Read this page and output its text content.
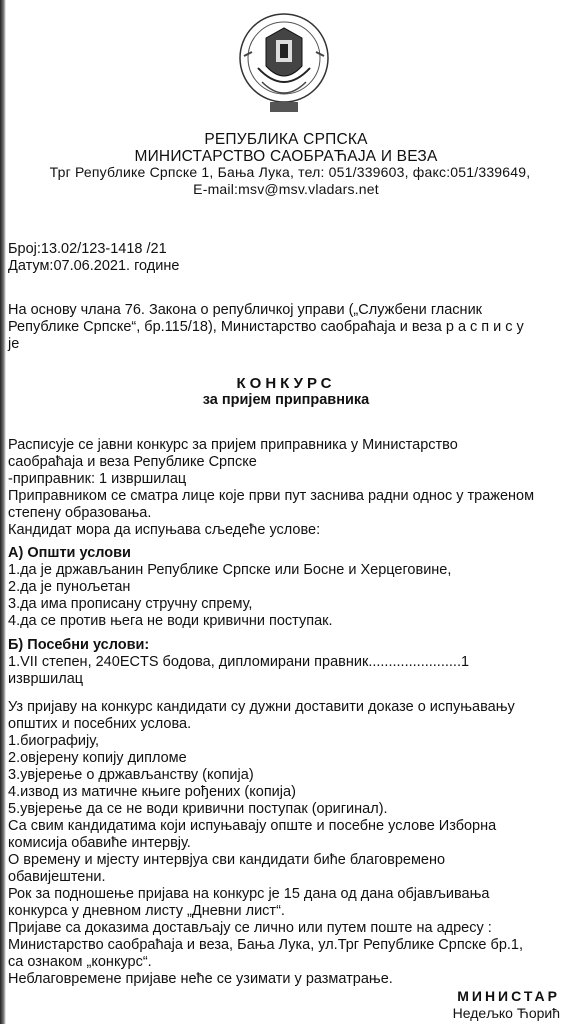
РЕПУБЛИКА СРПСКА
МИНИСТАРСТВО САОБРАЋАЈА И ВЕЗА
Трг Републике Српске 1, Бања Лука, тел: 051/339603, факс:051/339649,
E-mail:msv@msv.vladars.net
Број:13.02/123-1418 /21
Датум:07.06.2021. године
На основу члана 76. Закона о републичкој управи („Службени гласник
Републике Српске“, бр.115/18), Министарство саобраћаја и веза распису
је
КОНКУРС
за пријем приправника
Расписује се јавни конкурс за пријем приправника у Министарство
саобраћаја и веза Републике Српске
-приправник: 1 извршилац
Приправником се сматра лице које први пут заснива радни однос у траженом
степену образовања.
Кандидат мора да испуњава сљедеће услове:
А) Општи услови
1.да је држављанин Републике Српске или Босне и Херцеговине,
2.да је пунољетан
3.да има прописану стручну спрему,
4.да се против њега не води кривични поступак.
Б) Посебни услови:
1.VII степен, 240ECTS бодова, дипломирани правник.......................1
извршилац
Уз пријаву на конкурс кандидати су дужни доставити доказе о испуњавању
општих и посебних услова.
1.биографију,
2.овјерену копију дипломе
3.увјерење о држављанству (копија)
4.извод из матичне књиге рођених (копија)
5.увјерење да се не води кривични поступак (оригинал).
Са свим кандидатима који испуњавају опште и посебне услове Изборна
комисија обавиће интервју.
О времену и мјесту интервјуа сви кандидати биће благовремено
обавијештени.
Рок за подношење пријава на конкурс је 15 дана од дана објављивања
конкурса у дневном листу „Дневни лист“.
Пријаве са доказима достављају се лично или путем поште на адресу :
Министарство саобраћаја и веза, Бања Лука, ул.Трг Републике Српске бр.1,
са ознаком „конкурс“.
Неблаговремене пријаве неће се узимати у разматрање.
МИНИСТАР
Недељко Ћорић
